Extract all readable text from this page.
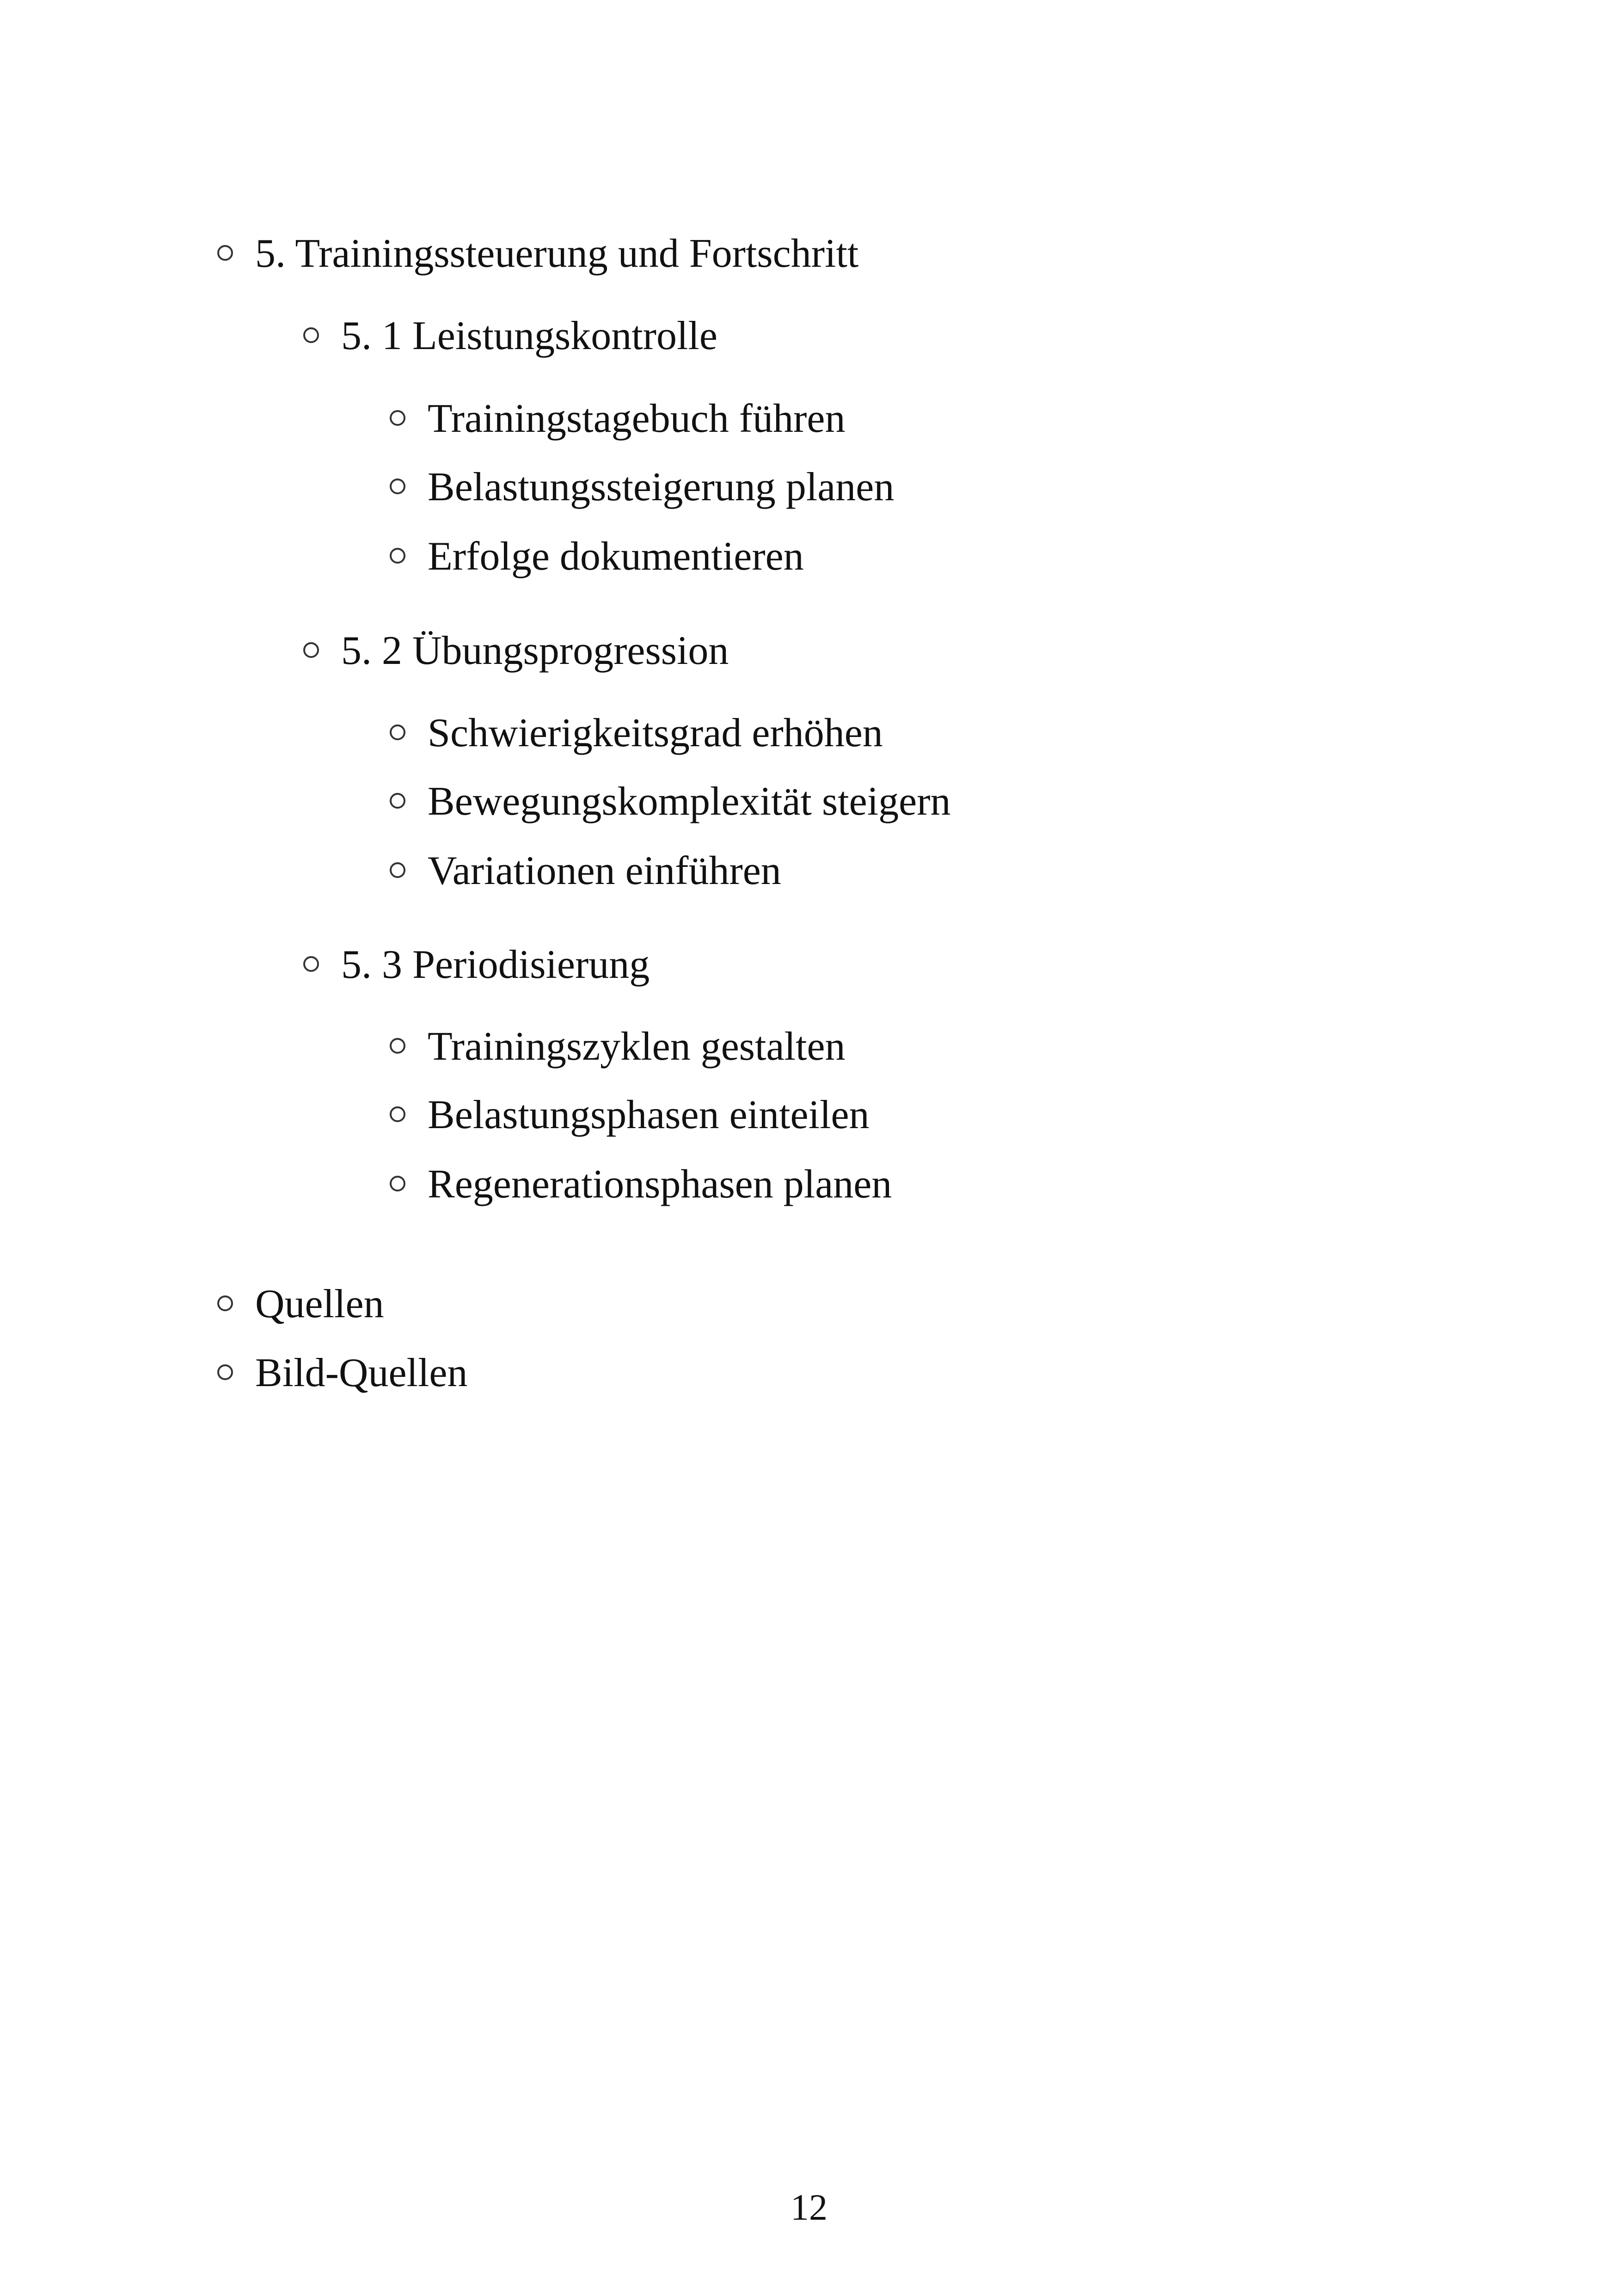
5. Trainingssteuerung und Fortschritt
5. 1 Leistungskontrolle
Trainingstagebuch führen
Belastungssteigerung planen
Erfolge dokumentieren
5. 2 Übungsprogression
Schwierigkeitsgrad erhöhen
Bewegungskomplexität steigern
Variationen einführen
5. 3 Periodisierung
Trainingszyklen gestalten
Belastungsphasen einteilen
Regenerationsphasen planen
Quellen
Bild-Quellen
12
